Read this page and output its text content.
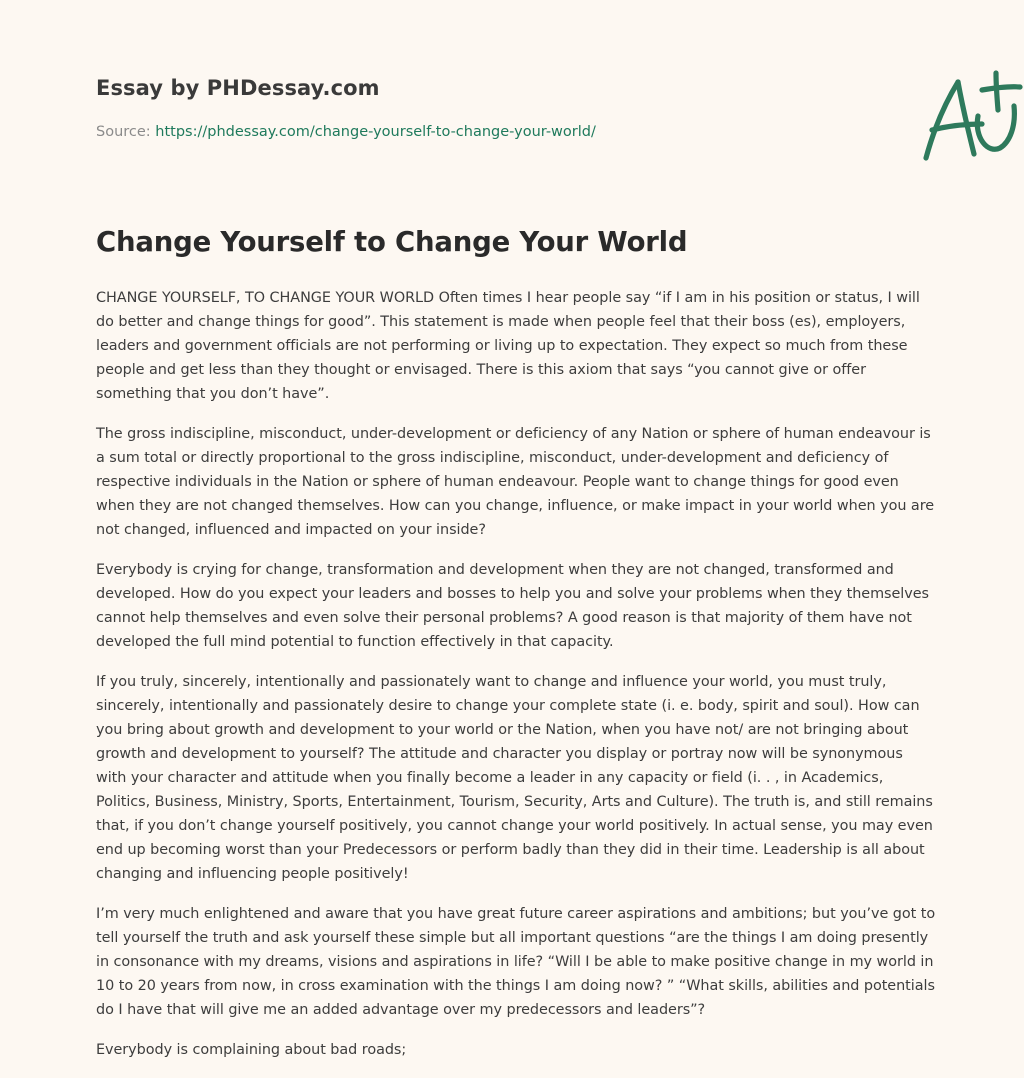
Essay by PHDessay.com
Source: https://phdessay.com/change-yourself-to-change-your-world/
Change Yourself to Change Your World

CHANGE YOURSELF, TO CHANGE YOUR WORLD Often times I hear people say “if I am in his position or status, I will do better and change things for good”. This statement is made when people feel that their boss (es), employers, leaders and government officials are not performing or living up to expectation. They expect so much from these people and get less than they thought or envisaged. There is this axiom that says “you cannot give or offer something that you don’t have”.

The gross indiscipline, misconduct, under-development or deficiency of any Nation or sphere of human endeavour is a sum total or directly proportional to the gross indiscipline, misconduct, under-development and deficiency of respective individuals in the Nation or sphere of human endeavour. People want to change things for good even when they are not changed themselves. How can you change, influence, or make impact in your world when you are not changed, influenced and impacted on your inside?

Everybody is crying for change, transformation and development when they are not changed, transformed and developed. How do you expect your leaders and bosses to help you and solve your problems when they themselves cannot help themselves and even solve their personal problems? A good reason is that majority of them have not developed the full mind potential to function effectively in that capacity.

If you truly, sincerely, intentionally and passionately want to change and influence your world, you must truly, sincerely, intentionally and passionately desire to change your complete state (i. e. body, spirit and soul). How can you bring about growth and development to your world or the Nation, when you have not/ are not bringing about growth and development to yourself? The attitude and character you display or portray now will be synonymous with your character and attitude when you finally become a leader in any capacity or field (i. . , in Academics, Politics, Business, Ministry, Sports, Entertainment, Tourism, Security, Arts and Culture). The truth is, and still remains that, if you don’t change yourself positively, you cannot change your world positively. In actual sense, you may even end up becoming worst than your Predecessors or perform badly than they did in their time. Leadership is all about changing and influencing people positively!

I’m very much enlightened and aware that you have great future career aspirations and ambitions; but you’ve got to tell yourself the truth and ask yourself these simple but all important questions “are the things I am doing presently in consonance with my dreams, visions and aspirations in life? “Will I be able to make positive change in my world in 10 to 20 years from now, in cross examination with the things I am doing now? ” “What skills, abilities and potentials do I have that will give me an added advantage over my predecessors and leaders”?

Everybody is complaining about bad roads;
